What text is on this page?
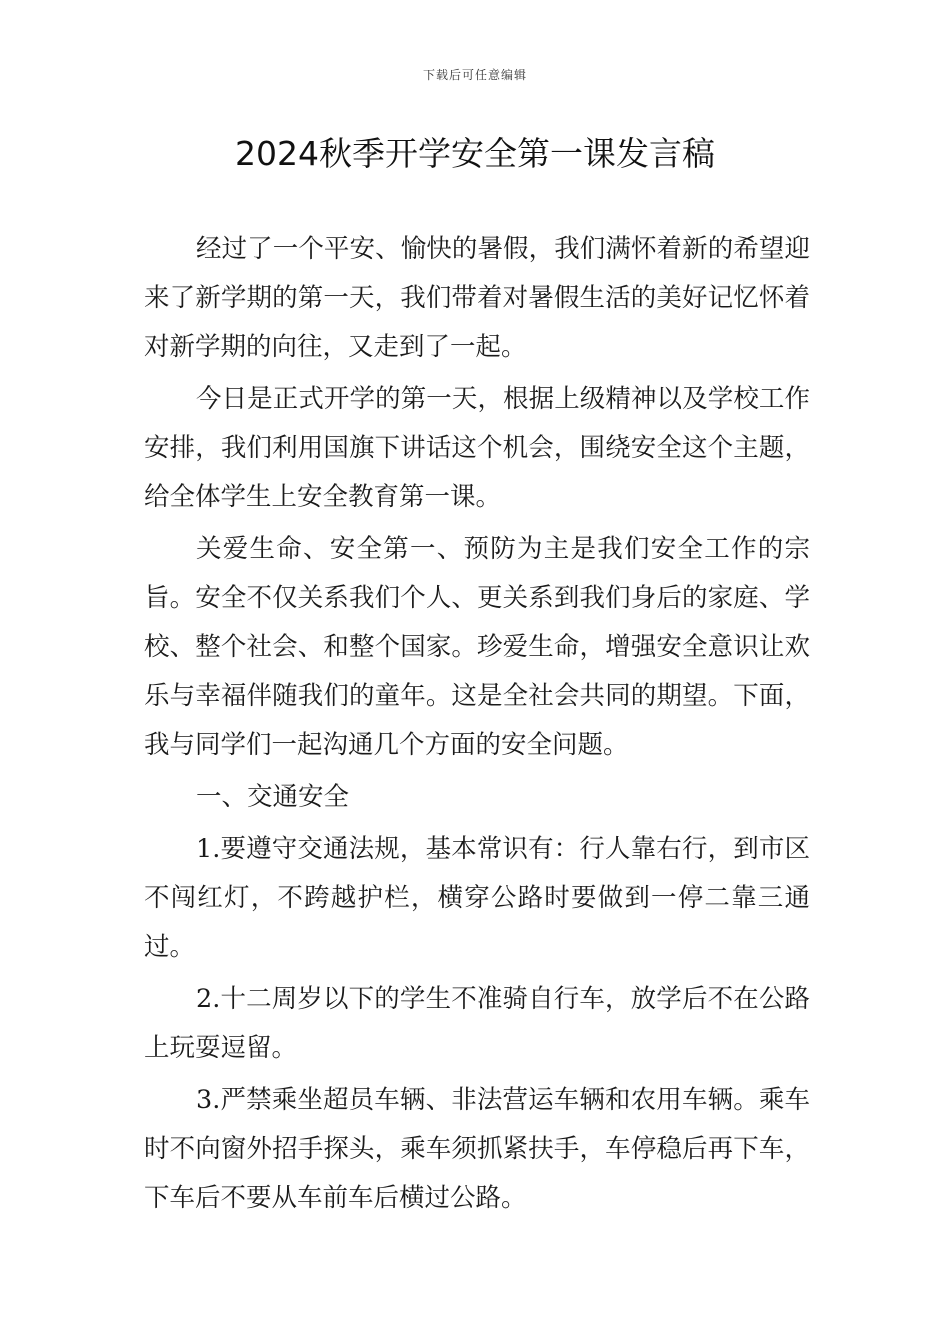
下载后可任意编辑
2024秋季开学安全第一课发言稿

经过了一个平安、愉快的暑假，我们满怀着新的希望迎来了新学期的第一天，我们带着对暑假生活的美好记忆怀着对新学期的向往，又走到了一起。

今日是正式开学的第一天，根据上级精神以及学校工作安排，我们利用国旗下讲话这个机会，围绕安全这个主题，给全体学生上安全教育第一课。

关爱生命、安全第一、预防为主是我们安全工作的宗旨。安全不仅关系我们个人、更关系到我们身后的家庭、学校、整个社会、和整个国家。珍爱生命，增强安全意识让欢乐与幸福伴随我们的童年。这是全社会共同的期望。下面，我与同学们一起沟通几个方面的安全问题。

一、交通安全

1.要遵守交通法规，基本常识有：行人靠右行，到市区不闯红灯，不跨越护栏，横穿公路时要做到一停二靠三通过。

2.十二周岁以下的学生不准骑自行车，放学后不在公路上玩耍逗留。

3.严禁乘坐超员车辆、非法营运车辆和农用车辆。乘车时不向窗外招手探头，乘车须抓紧扶手，车停稳后再下车，下车后不要从车前车后横过公路。
